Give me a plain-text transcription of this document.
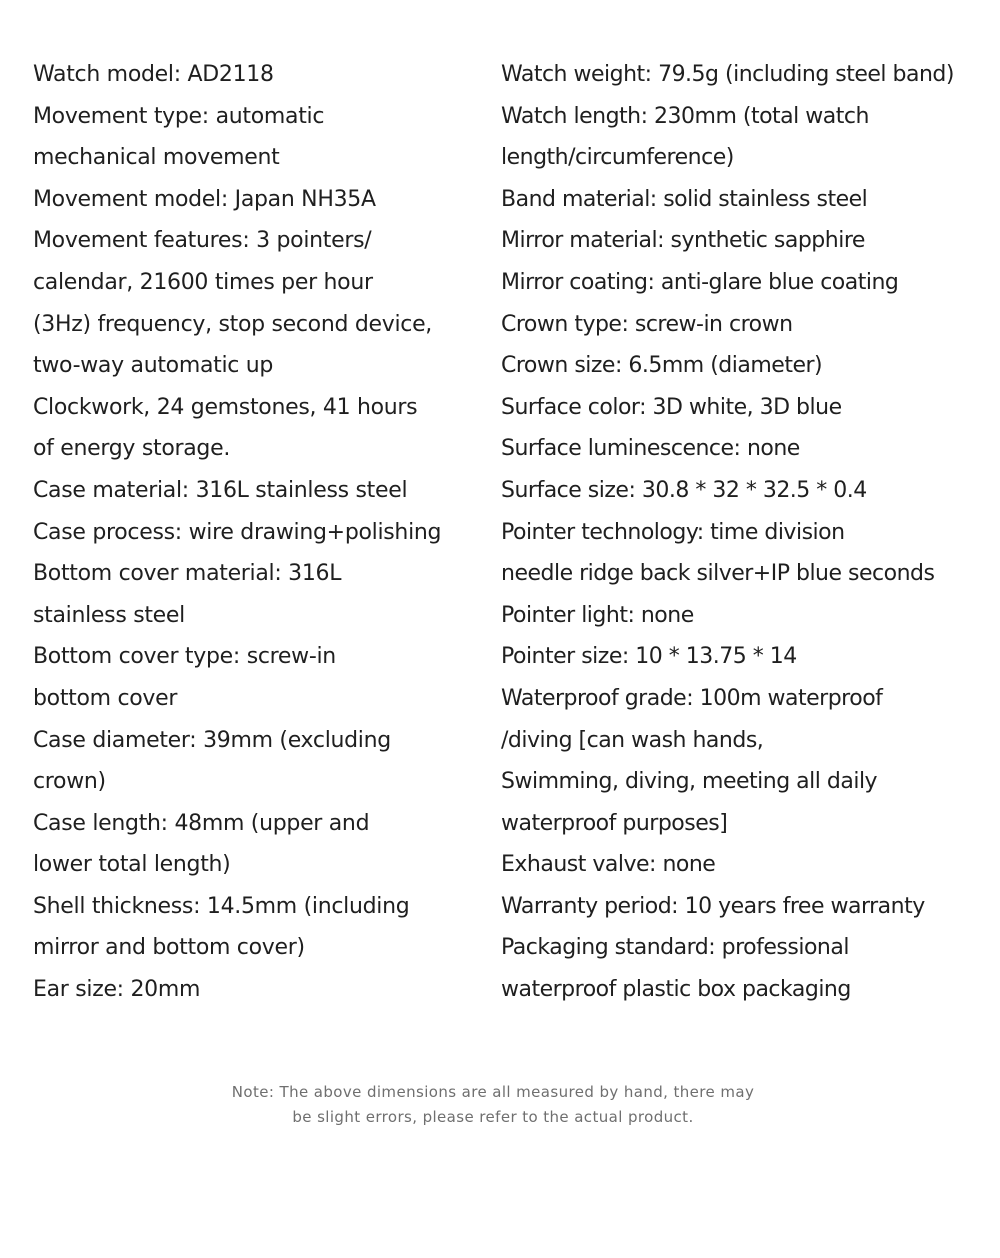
Watch model: AD2118
Movement type: automatic
mechanical movement
Movement model: Japan NH35A
Movement features: 3 pointers/
calendar, 21600 times per hour
(3Hz) frequency, stop second device,
two-way automatic up
Clockwork, 24 gemstones, 41 hours
of energy storage.
Case material: 316L stainless steel
Case process: wire drawing+polishing
Bottom cover material: 316L
stainless steel
Bottom cover type: screw-in
bottom cover
Case diameter: 39mm (excluding
crown)
Case length: 48mm (upper and
lower total length)
Shell thickness: 14.5mm (including
mirror and bottom cover)
Ear size: 20mm
Watch weight: 79.5g (including steel band)
Watch length: 230mm (total watch
length/circumference)
Band material: solid stainless steel
Mirror material: synthetic sapphire
Mirror coating: anti-glare blue coating
Crown type: screw-in crown
Crown size: 6.5mm (diameter)
Surface color: 3D white, 3D blue
Surface luminescence: none
Surface size: 30.8 * 32 * 32.5 * 0.4
Pointer technology: time division
needle ridge back silver+IP blue seconds
Pointer light: none
Pointer size: 10 * 13.75 * 14
Waterproof grade: 100m waterproof
/diving [can wash hands,
Swimming, diving, meeting all daily
waterproof purposes]
Exhaust valve: none
Warranty period: 10 years free warranty
Packaging standard: professional
waterproof plastic box packaging
Note: The above dimensions are all measured by hand, there may
be slight errors, please refer to the actual product.
